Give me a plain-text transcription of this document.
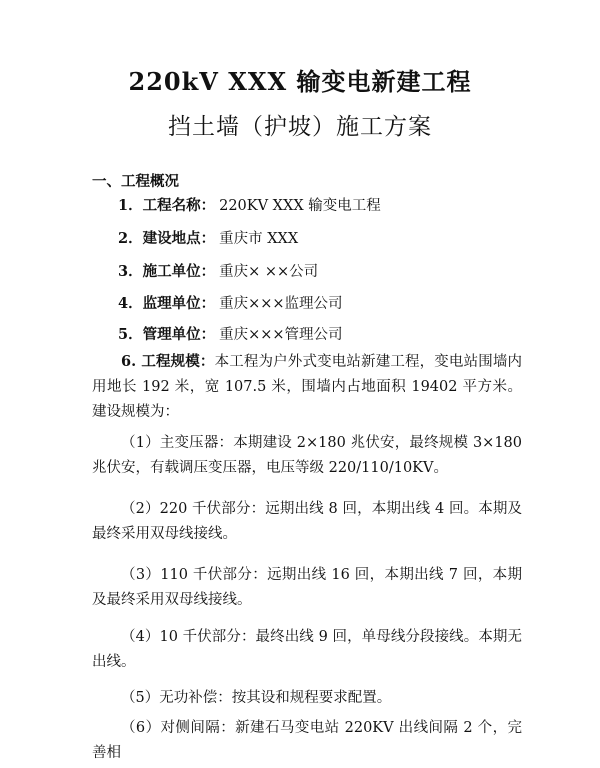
220kV XXX 输变电新建工程
挡土墙（护坡）施工方案
一、工程概况
1．工程名称： 220KV XXX 输变电工程
2．建设地点： 重庆市 XXX
3．施工单位： 重庆× ××公司
4．监理单位： 重庆×××监理公司
5．管理单位： 重庆×××管理公司
6. 工程规模：本工程为户外式变电站新建工程，变电站围墙内用地长 192 米，宽 107.5 米，围墙内占地面积 19402 平方米。建设规模为：
（1）主变压器：本期建设 2×180 兆伏安，最终规模 3×180 兆伏安，有载调压变压器，电压等级 220/110/10KV。
（2）220 千伏部分：远期出线 8 回，本期出线 4 回。本期及最终采用双母线接线。
（3）110 千伏部分：远期出线 16 回，本期出线 7 回，本期及最终采用双母线接线。
（4）10 千伏部分：最终出线 9 回，单母线分段接线。本期无出线。
（5）无功补偿：按其设和规程要求配置。
（6）对侧间隔：新建石马变电站 220KV 出线间隔 2 个，完善相
